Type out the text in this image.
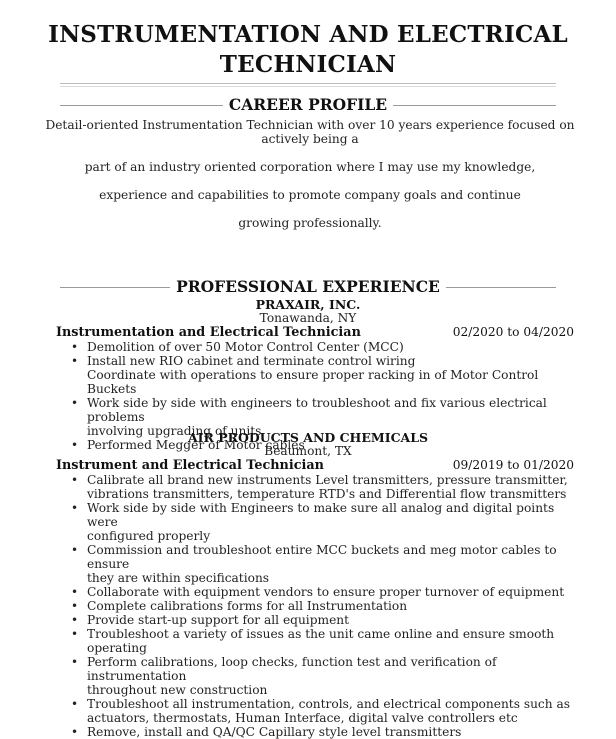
INSTRUMENTATION AND ELECTRICAL
TECHNICIAN
CAREER PROFILE
Detail-oriented Instrumentation Technician with over 10 years experience focused on
actively being a
part of an industry oriented corporation where I may use my knowledge,
experience and capabilities to promote company goals and continue
growing professionally.
PROFESSIONAL EXPERIENCE
PRAXAIR, INC.
Tonawanda, NY
Instrumentation and Electrical Technician	02/2020 to 04/2020
• Demolition of over 50 Motor Control Center (MCC)
• Install new RIO cabinet and terminate control wiring
Coordinate with operations to ensure proper racking in of Motor Control Buckets
• Work side by side with engineers to troubleshoot and fix various electrical problems
involving upgrading of units
• Performed Megger of Motor cables
AIR PRODUCTS AND CHEMICALS
Beaumont, TX
Instrument and Electrical Technician	09/2019 to 01/2020
• Calibrate all brand new instruments Level transmitters, pressure transmitter,
vibrations transmitters, temperature RTD's and Differential flow transmitters
• Work side by side with Engineers to make sure all analog and digital points were
configured properly
• Commission and troubleshoot entire MCC buckets and meg motor cables to ensure
they are within specifications
• Collaborate with equipment vendors to ensure proper turnover of equipment
• Complete calibrations forms for all Instrumentation
• Provide start-up support for all equipment
• Troubleshoot a variety of issues as the unit came online and ensure smooth
operating
• Perform calibrations, loop checks, function test and verification of instrumentation
throughout new construction
• Troubleshoot all instrumentation, controls, and electrical components such as
actuators, thermostats, Human Interface, digital valve controllers etc
• Remove, install and QA/QC Capillary style level transmitters
